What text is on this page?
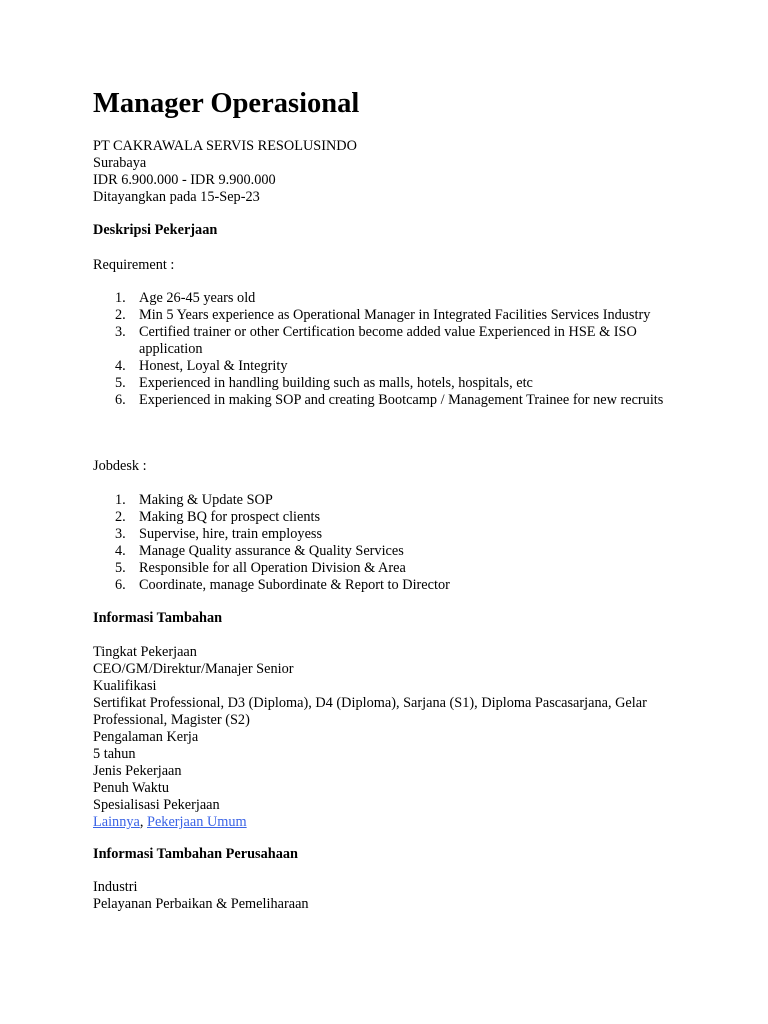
Manager Operasional
PT CAKRAWALA SERVIS RESOLUSINDO
Surabaya
IDR 6.900.000 - IDR 9.900.000
Ditayangkan pada 15-Sep-23
Deskripsi Pekerjaan
Requirement :
1. Age 26-45 years old
2. Min 5 Years experience as Operational Manager in Integrated Facilities Services Industry
3. Certified trainer or other Certification become added value Experienced in HSE & ISO application
4. Honest, Loyal & Integrity
5. Experienced in handling building such as malls, hotels, hospitals, etc
6. Experienced in making SOP and creating Bootcamp / Management Trainee for new recruits
Jobdesk :
1. Making & Update SOP
2. Making BQ for prospect clients
3. Supervise, hire, train employess
4. Manage Quality assurance & Quality Services
5. Responsible for all Operation Division & Area
6. Coordinate, manage Subordinate & Report to Director
Informasi Tambahan
Tingkat Pekerjaan
CEO/GM/Direktur/Manajer Senior
Kualifikasi
Sertifikat Professional, D3 (Diploma), D4 (Diploma), Sarjana (S1), Diploma Pascasarjana, Gelar Professional, Magister (S2)
Pengalaman Kerja
5 tahun
Jenis Pekerjaan
Penuh Waktu
Spesialisasi Pekerjaan
Lainnya, Pekerjaan Umum
Informasi Tambahan Perusahaan
Industri
Pelayanan Perbaikan & Pemeliharaan
